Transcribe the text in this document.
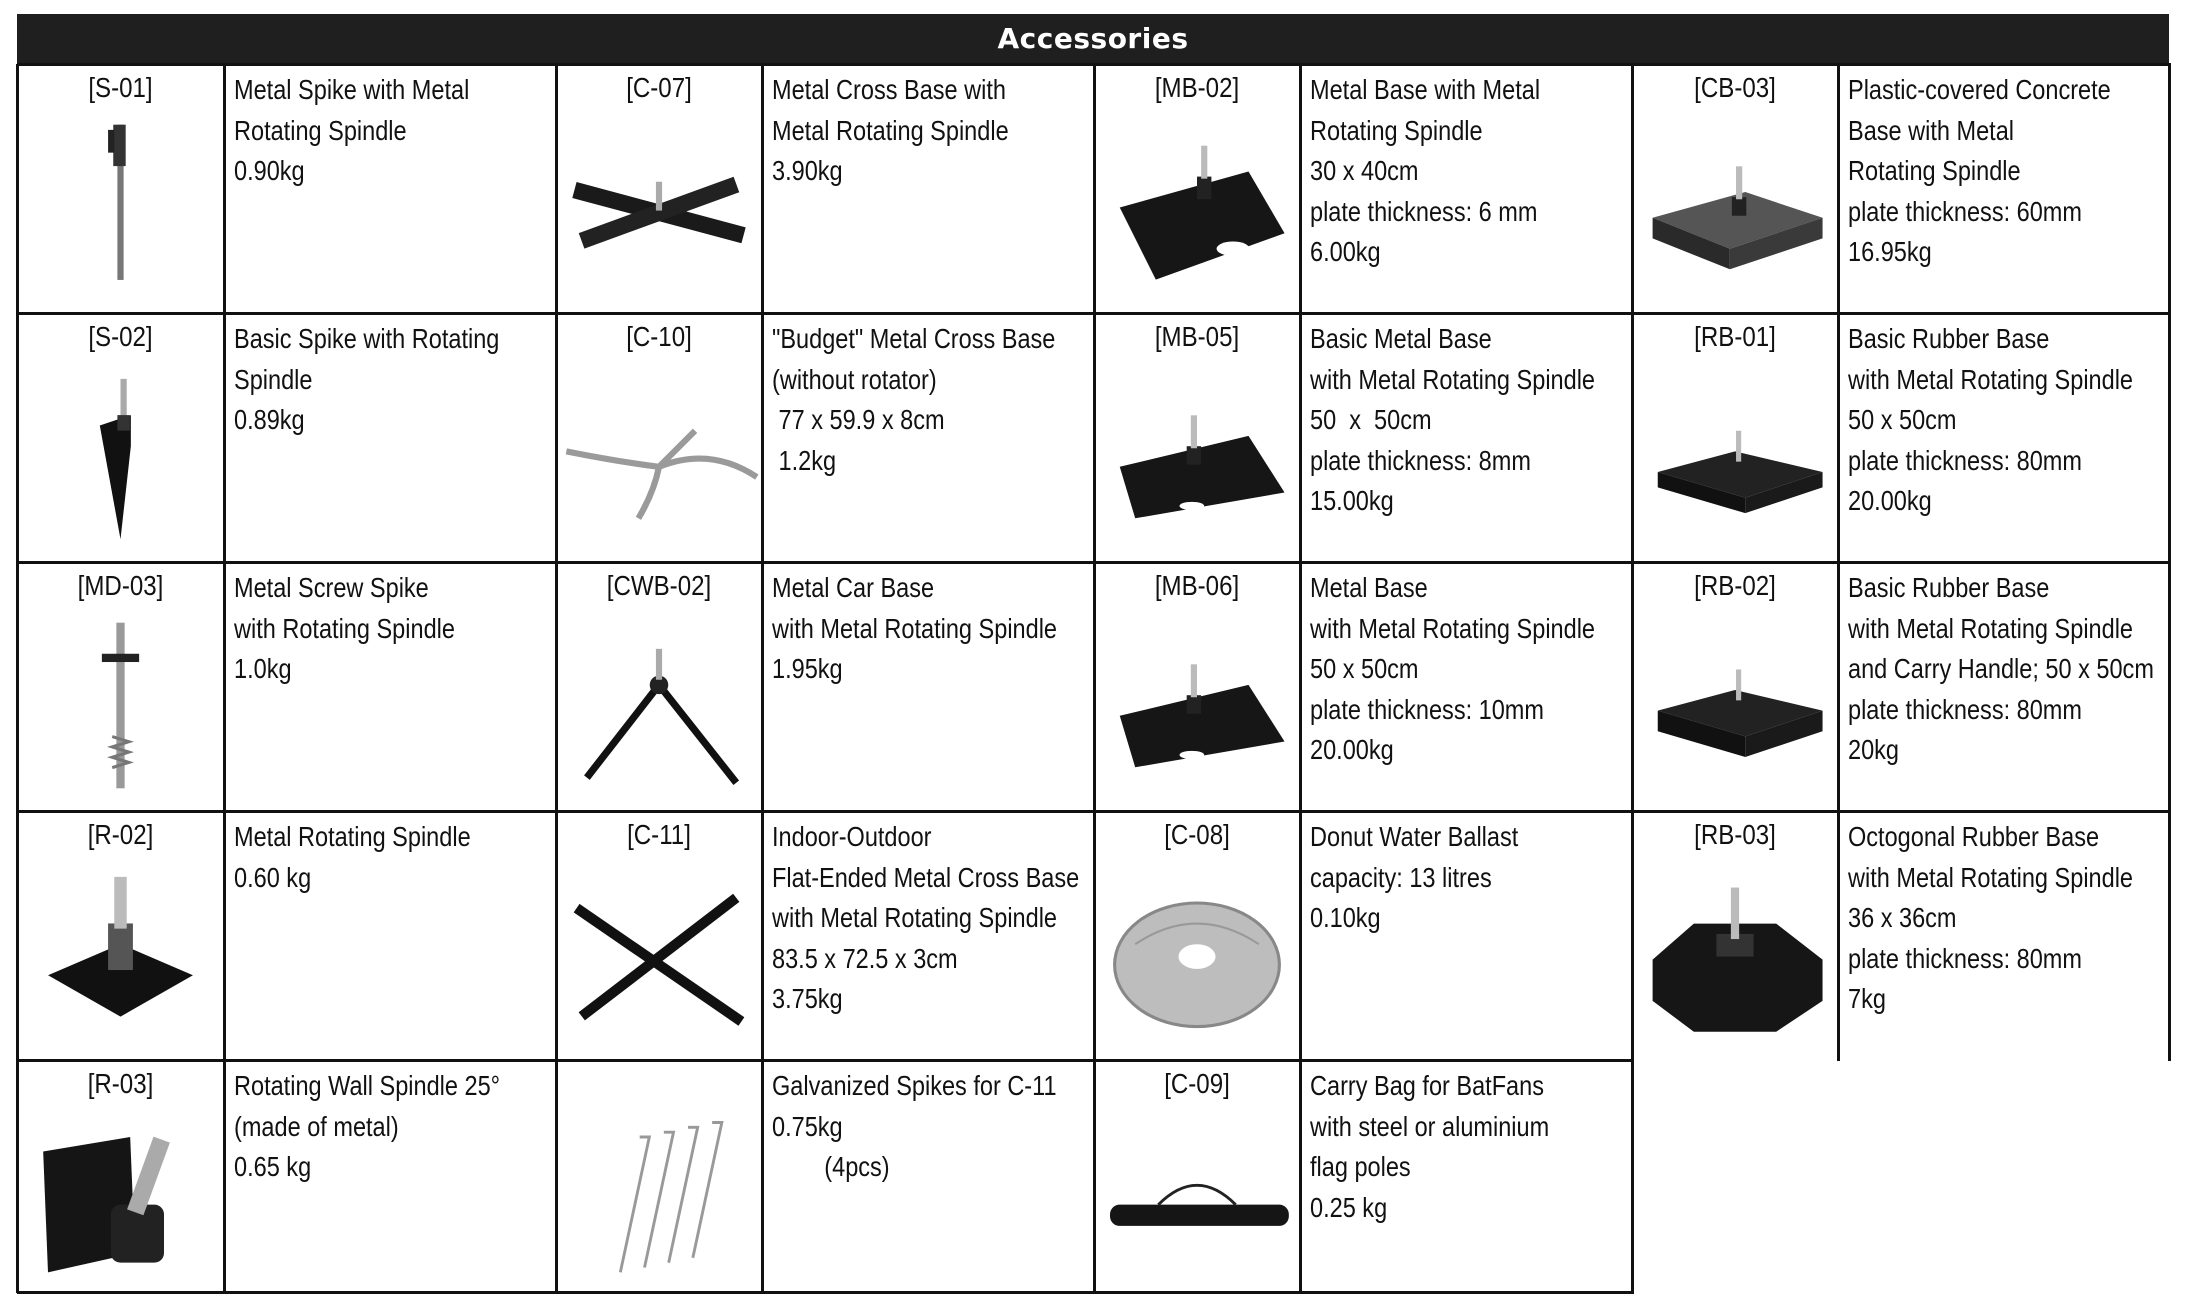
Accessories
[S-01]	Metal Spike with Metal
Rotating Spindle
0.90kg
[C-07]	Metal Cross Base with
Metal Rotating Spindle
3.90kg
[MB-02]	Metal Base with Metal
Rotating Spindle
30 x 40cm
plate thickness: 6 mm
6.00kg
[CB-03]	Plastic-covered Concrete
Base with Metal
Rotating Spindle
plate thickness: 60mm
16.95kg
[S-02]	Basic Spike with Rotating
Spindle
0.89kg
[C-10]	"Budget" Metal Cross Base
(without rotator)
77 x 59.9 x 8cm
1.2kg
[MB-05]	Basic Metal Base
with Metal Rotating Spindle
50  x  50cm
plate thickness: 8mm
15.00kg
[RB-01]	Basic Rubber Base
with Metal Rotating Spindle
50 x 50cm
plate thickness: 80mm
20.00kg
[MD-03]	Metal Screw Spike
with Rotating Spindle
1.0kg
[CWB-02]	Metal Car Base
with Metal Rotating Spindle
1.95kg
[MB-06]	Metal Base
with Metal Rotating Spindle
50 x 50cm
plate thickness: 10mm
20.00kg
[RB-02]	Basic Rubber Base
with Metal Rotating Spindle
and Carry Handle; 50 x 50cm
plate thickness: 80mm
20kg
[R-02]	Metal Rotating Spindle
0.60 kg
[C-11]	Indoor-Outdoor
Flat-Ended Metal Cross Base
with Metal Rotating Spindle
83.5 x 72.5 x 3cm
3.75kg
[C-08]	Donut Water Ballast
capacity: 13 litres
0.10kg
[RB-03]	Octogonal Rubber Base
with Metal Rotating Spindle
36 x 36cm
plate thickness: 80mm
7kg
[R-03]	Rotating Wall Spindle 25°
(made of metal)
0.65 kg
Galvanized Spikes for C-11
0.75kg
(4pcs)
[C-09]	Carry Bag for BatFans
with steel or aluminium
flag poles
0.25 kg
